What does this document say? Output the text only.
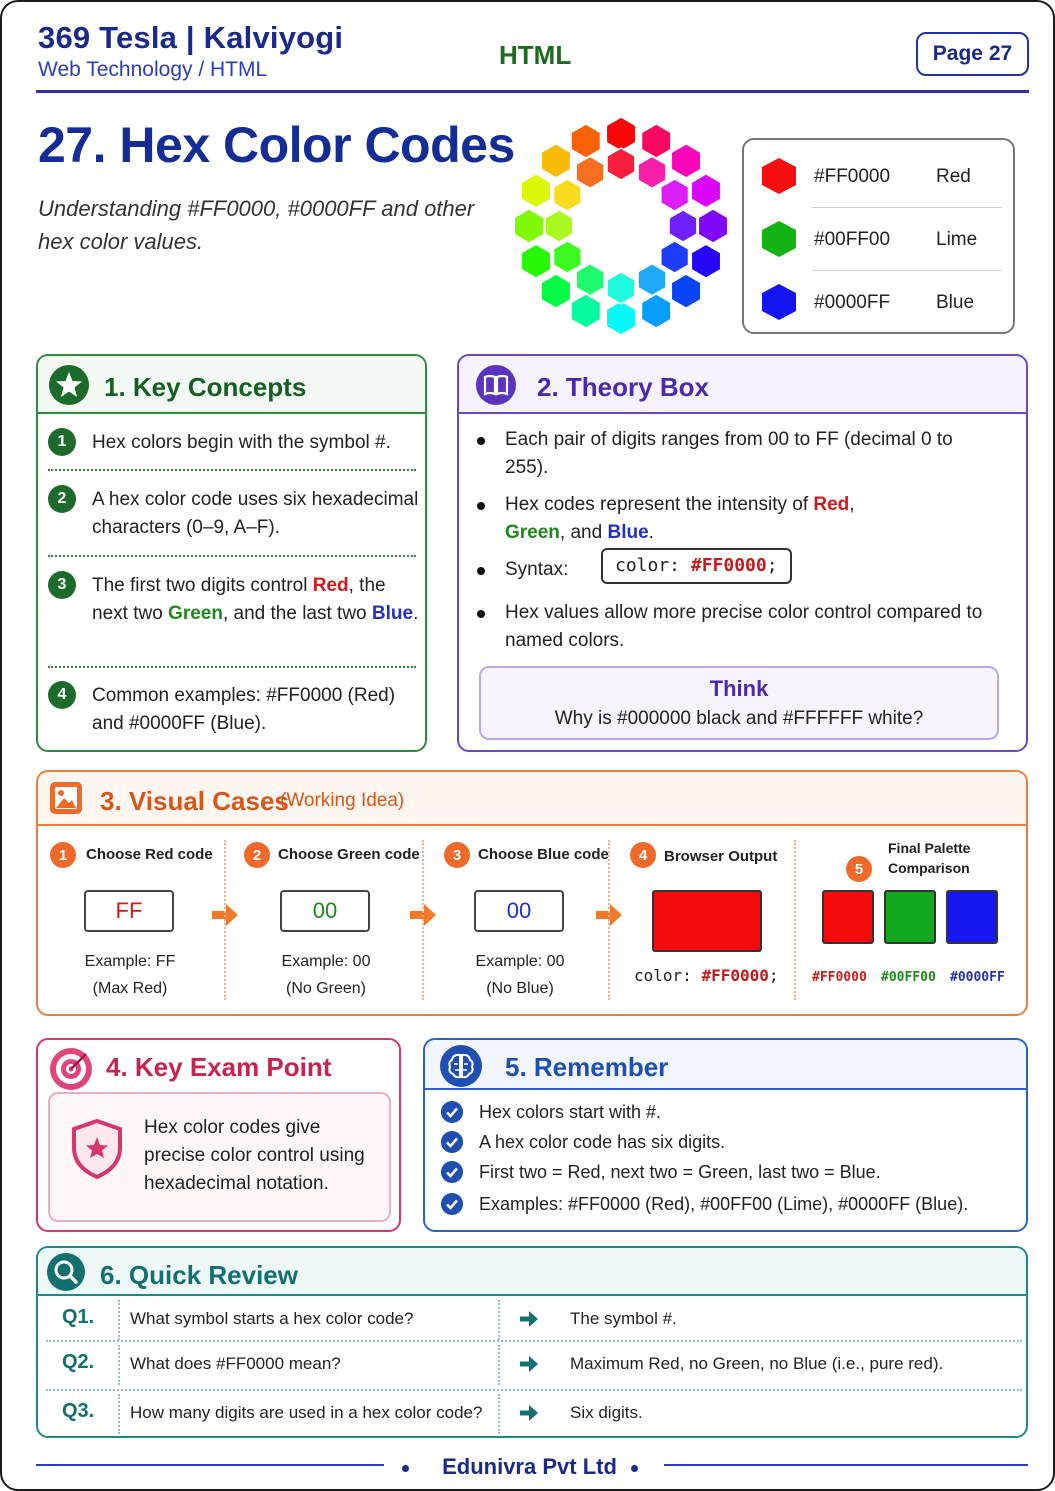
369 Tesla | Kalviyogi
Web Technology / HTML	HTML	Page 27
27. Hex Color Codes
Understanding #FF0000, #0000FF and other hex color values.
#FF0000 Red
#00FF00 Lime
#0000FF Blue
1. Key Concepts
1	Hex colors begin with the symbol #.
2	A hex color code uses six hexadecimal characters (0–9, A–F).
3	The first two digits control Red, the next two Green, and the last two Blue.
4	Common examples: #FF0000 (Red) and #0000FF (Blue).
2. Theory Box
Each pair of digits ranges from 00 to FF (decimal 0 to 255).
Hex codes represent the intensity of Red,
Green, and Blue.
Syntax:	color: #FF0000;
Hex values allow more precise color control compared to named colors.
Think
Why is #000000 black and #FFFFFF white?
3. Visual Cases
(Working Idea)
1	Choose Red code
FF
Example: FF
(Max Red)
2	Choose Green code
00
Example: 00
(No Green)
3	Choose Blue code
00
Example: 00
(No Blue)
4	Browser Output
color: #FF0000;
5
Final Palette
Comparison
#FF0000 #00FF00 #0000FF
4. Key Exam Point
Hex color codes give precise color control using hexadecimal notation.
5. Remember
Hex colors start with #.
A hex color code has six digits.
First two = Red, next two = Green, last two = Blue.
Examples: #FF0000 (Red), #00FF00 (Lime), #0000FF (Blue).
6. Quick Review
Q1. What symbol starts a hex color code?	The symbol #.
Q2. What does #FF0000 mean?	Maximum Red, no Green, no Blue (i.e., pure red).
Q3. How many digits are used in a hex color code?	Six digits.
Edunivra Pvt Ltd
